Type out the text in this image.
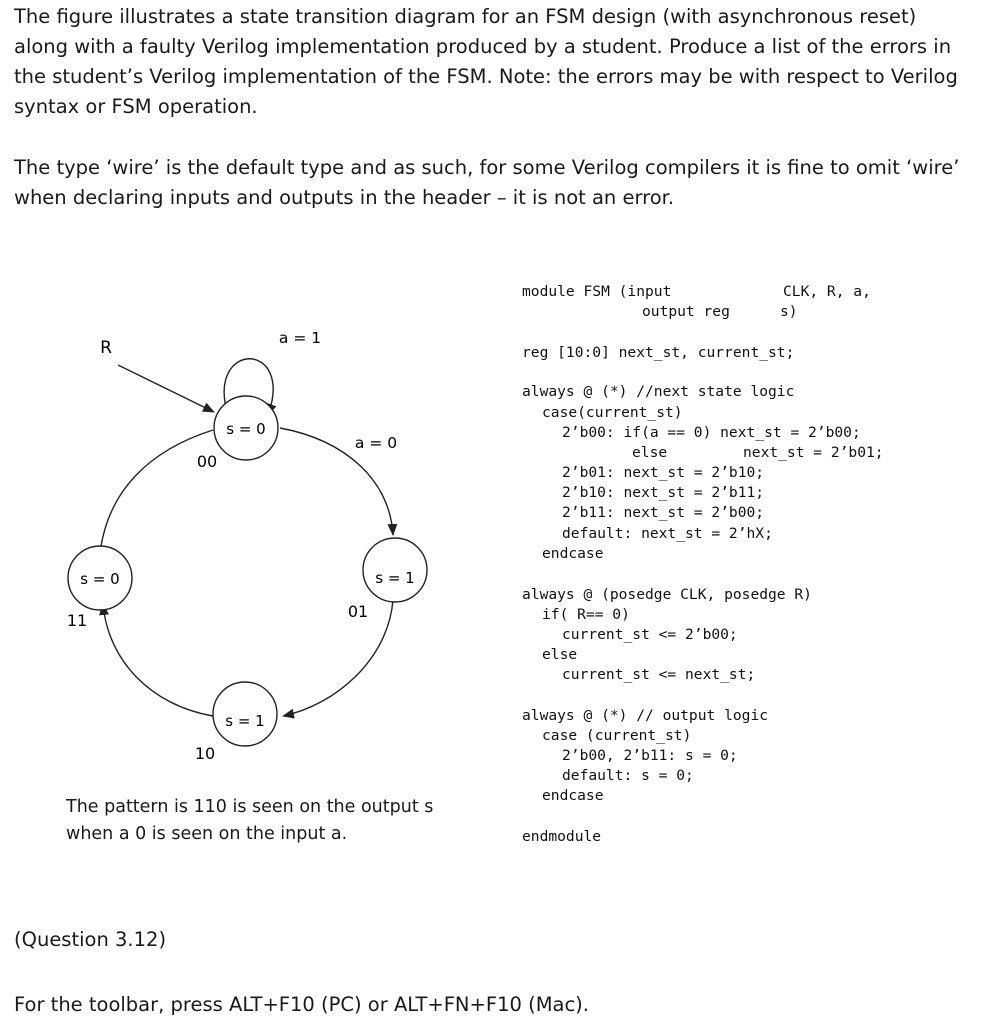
The figure illustrates a state transition diagram for an FSM design (with asynchronous reset) along with a faulty Verilog implementation produced by a student. Produce a list of the errors in the student’s Verilog implementation of the FSM. Note: the errors may be with respect to Verilog syntax or FSM operation.

The type ‘wire’ is the default type and as such, for some Verilog compilers it is fine to omit ‘wire’ when declaring inputs and outputs in the header – it is not an error.

s = 0
s = 1
s = 1
s = 0
R	a = 1
a = 0
00
01
10
11

The pattern is 110 is seen on the output s when a 0 is seen on the input a.

module FSM (input	CLK, R, a,
output reg	s)
reg [10:0] next_st, current_st;
always @ (*) //next state logic
case(current_st)
2’b00: if(a == 0) next_st = 2’b00;
else	next_st = 2’b01;
2’b01: next_st = 2’b10;
2’b10: next_st = 2’b11;
2’b11: next_st = 2’b00;
default: next_st = 2’hX;
endcase
always @ (posedge CLK, posedge R)
if( R== 0)
current_st <= 2’b00;
else
current_st <= next_st;
always @ (*) // output logic
case (current_st)
2’b00, 2’b11: s = 0;
default: s = 0;
endcase
endmodule

(Question 3.12)

For the toolbar, press ALT+F10 (PC) or ALT+FN+F10 (Mac).
